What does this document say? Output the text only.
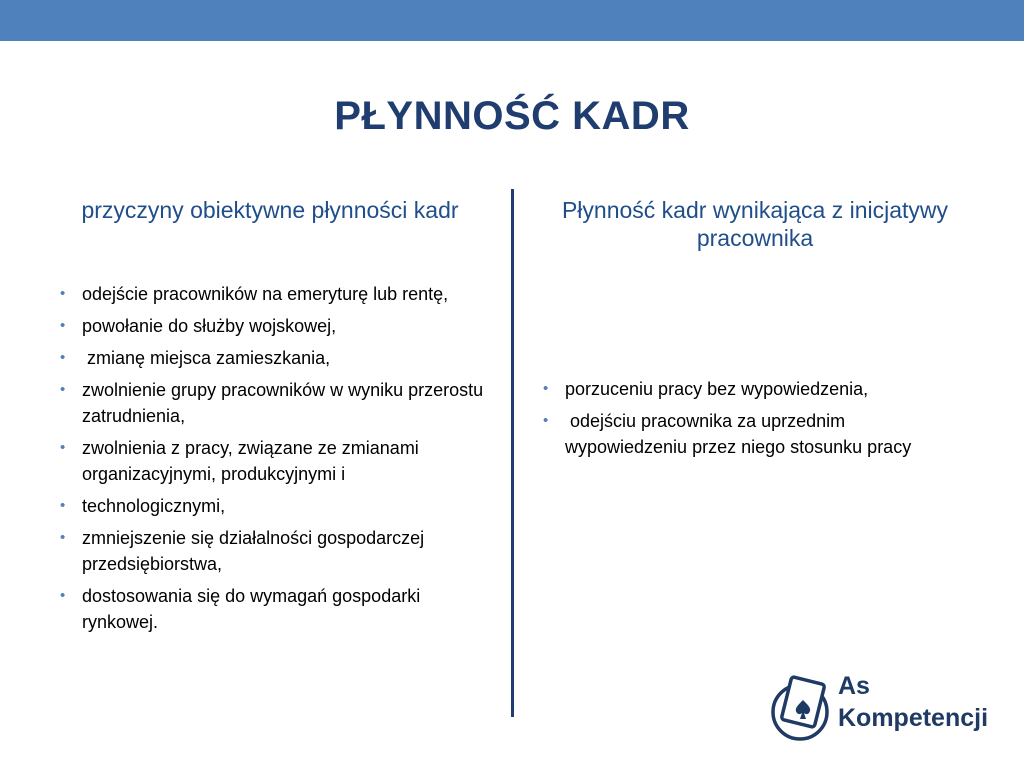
PŁYNNOŚĆ KADR
przyczyny obiektywne płynności kadr	Płynność kadr wynikająca z inicjatywy pracownika
• odejście pracowników na emeryturę lub rentę,
• powołanie do służby wojskowej,
• zmianę miejsca zamieszkania,
• zwolnienie grupy pracowników w wyniku przerostu zatrudnienia,
• zwolnienia z pracy, związane ze zmianami organizacyjnymi, produkcyjnymi i
• technologicznymi,
• zmniejszenie się działalności gospodarczej przedsiębiorstwa,
• dostosowania się do wymagań gospodarki rynkowej.
• porzuceniu pracy bez wypowiedzenia,
• odejściu pracownika za uprzednim wypowiedzeniu przez niego stosunku pracy
As
Kompetencji
